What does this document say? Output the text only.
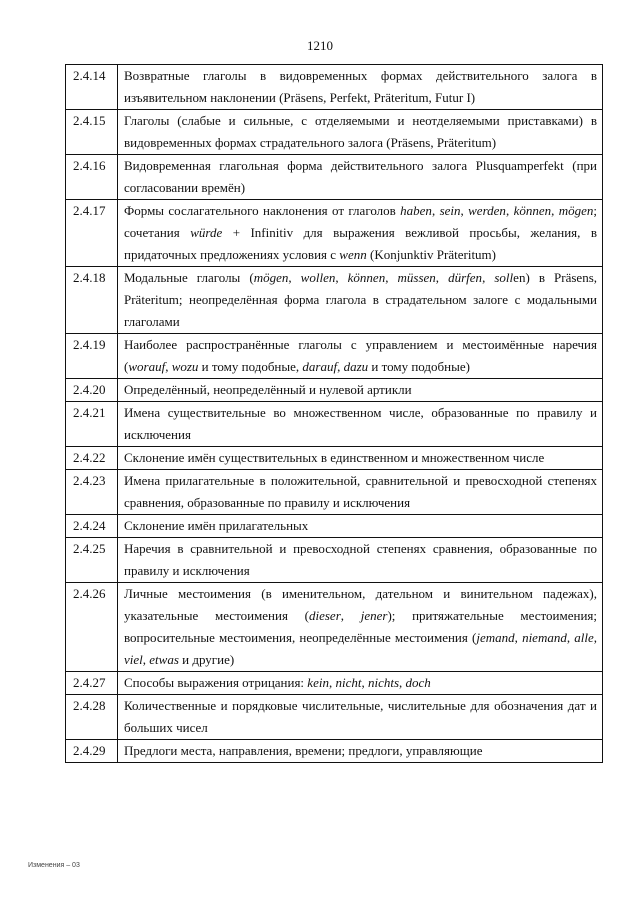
1210
2.4.14	Возвратные глаголы в видовременных формах действительного залога в изъявительном наклонении (Präsens, Perfekt, Präteritum, Futur I)
2.4.15	Глаголы (слабые и сильные, с отделяемыми и неотделяемыми приставками) в видовременных формах страдательного залога (Präsens, Präteritum)
2.4.16	Видовременная глагольная форма действительного залога Plusquamperfekt (при согласовании времён)
2.4.17	Формы сослагательного наклонения от глаголов haben, sein, werden, können, mögen; сочетания würde + Infinitiv для выражения вежливой просьбы, желания, в придаточных предложениях условия с wenn (Konjunktiv Präteritum)
2.4.18	Модальные глаголы (mögen, wollen, können, müssen, dürfen, sollen) в Präsens, Präteritum; неопределённая форма глагола в страдательном залоге с модальными глаголами
2.4.19	Наиболее распространённые глаголы с управлением и местоимённые наречия (worauf, wozu и тому подобные, darauf, dazu и тому подобные)
2.4.20	Определённый, неопределённый и нулевой артикли
2.4.21	Имена существительные во множественном числе, образованные по правилу и исключения
2.4.22	Склонение имён существительных в единственном и множественном числе
2.4.23	Имена прилагательные в положительной, сравнительной и превосходной степенях сравнения, образованные по правилу и исключения
2.4.24	Склонение имён прилагательных
2.4.25	Наречия в сравнительной и превосходной степенях сравнения, образованные по правилу и исключения
2.4.26	Личные местоимения (в именительном, дательном и винительном падежах), указательные местоимения (dieser, jener); притяжательные местоимения; вопросительные местоимения, неопределённые местоимения (jemand, niemand, alle, viel, etwas и другие)
2.4.27	Способы выражения отрицания: kein, nicht, nichts, doch
2.4.28	Количественные и порядковые числительные, числительные для обозначения дат и больших чисел
2.4.29	Предлоги места, направления, времени; предлоги, управляющие
Изменения – 03
